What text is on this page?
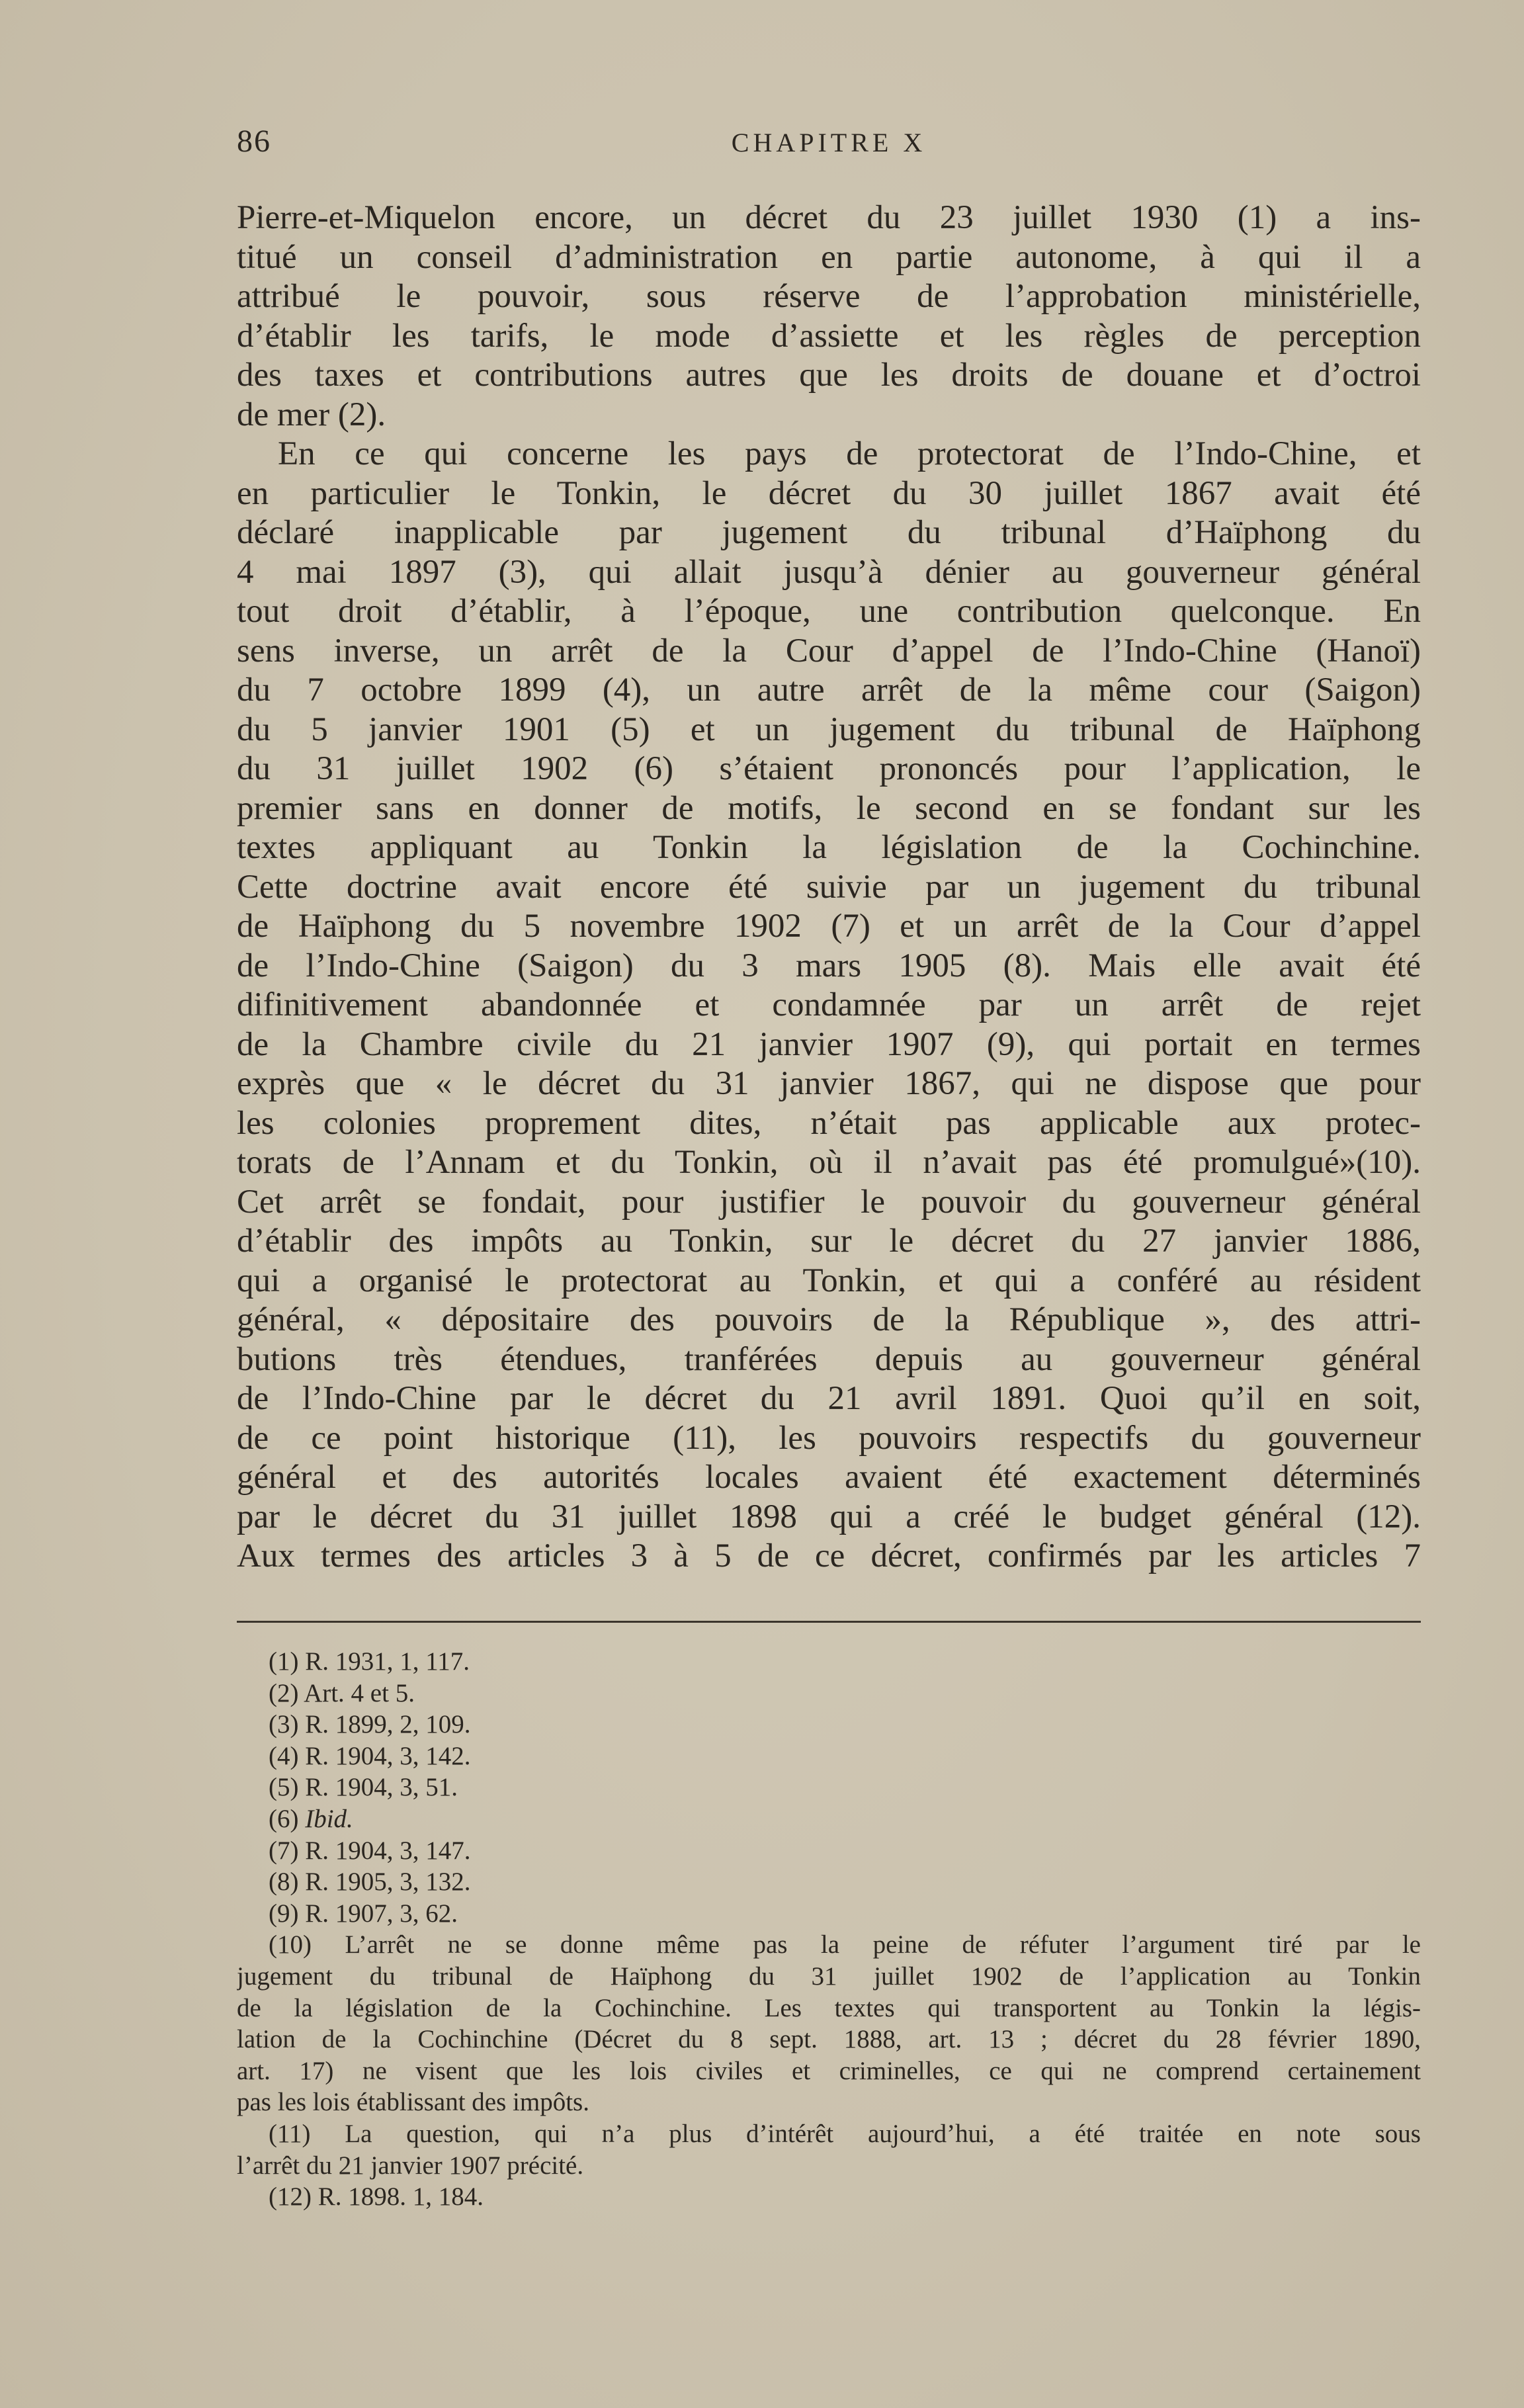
86	CHAPITRE X
Pierre-et-Miquelon encore, un décret du 23 juillet 1930 (1) a ins-
titué un conseil d’administration en partie autonome, à qui il a
attribué le pouvoir, sous réserve de l’approbation ministérielle,
d’établir les tarifs, le mode d’assiette et les règles de perception
des taxes et contributions autres que les droits de douane et d’octroi
de mer (2).
En ce qui concerne les pays de protectorat de l’Indo-Chine, et
en particulier le Tonkin, le décret du 30 juillet 1867 avait été
déclaré inapplicable par jugement du tribunal d’Haïphong du
4 mai 1897 (3), qui allait jusqu’à dénier au gouverneur général
tout droit d’établir, à l’époque, une contribution quelconque. En
sens inverse, un arrêt de la Cour d’appel de l’Indo-Chine (Hanoï)
du 7 octobre 1899 (4), un autre arrêt de la même cour (Saigon)
du 5 janvier 1901 (5) et un jugement du tribunal de Haïphong
du 31 juillet 1902 (6) s’étaient prononcés pour l’application, le
premier sans en donner de motifs, le second en se fondant sur les
textes appliquant au Tonkin la législation de la Cochinchine.
Cette doctrine avait encore été suivie par un jugement du tribunal
de Haïphong du 5 novembre 1902 (7) et un arrêt de la Cour d’appel
de l’Indo-Chine (Saigon) du 3 mars 1905 (8). Mais elle avait été
difinitivement abandonnée et condamnée par un arrêt de rejet
de la Chambre civile du 21 janvier 1907 (9), qui portait en termes
exprès que « le décret du 31 janvier 1867, qui ne dispose que pour
les colonies proprement dites, n’était pas applicable aux protec-
torats de l’Annam et du Tonkin, où il n’avait pas été promulgué»(10).
Cet arrêt se fondait, pour justifier le pouvoir du gouverneur général
d’établir des impôts au Tonkin, sur le décret du 27 janvier 1886,
qui a organisé le protectorat au Tonkin, et qui a conféré au résident
général, « dépositaire des pouvoirs de la République », des attri-
butions très étendues, tranférées depuis au gouverneur général
de l’Indo-Chine par le décret du 21 avril 1891. Quoi qu’il en soit,
de ce point historique (11), les pouvoirs respectifs du gouverneur
général et des autorités locales avaient été exactement déterminés
par le décret du 31 juillet 1898 qui a créé le budget général (12).
Aux termes des articles 3 à 5 de ce décret, confirmés par les articles 7
(1) R. 1931, 1, 117.
(2) Art. 4 et 5.
(3) R. 1899, 2, 109.
(4) R. 1904, 3, 142.
(5) R. 1904, 3, 51.
(6) Ibid.
(7) R. 1904, 3, 147.
(8) R. 1905, 3, 132.
(9) R. 1907, 3, 62.
(10) L’arrêt ne se donne même pas la peine de réfuter l’argument tiré par le
jugement du tribunal de Haïphong du 31 juillet 1902 de l’application au Tonkin
de la législation de la Cochinchine. Les textes qui transportent au Tonkin la légis-
lation de la Cochinchine (Décret du 8 sept. 1888, art. 13 ; décret du 28 février 1890,
art. 17) ne visent que les lois civiles et criminelles, ce qui ne comprend certainement
pas les lois établissant des impôts.
(11) La question, qui n’a plus d’intérêt aujourd’hui, a été traitée en note sous
l’arrêt du 21 janvier 1907 précité.
(12) R. 1898. 1, 184.
